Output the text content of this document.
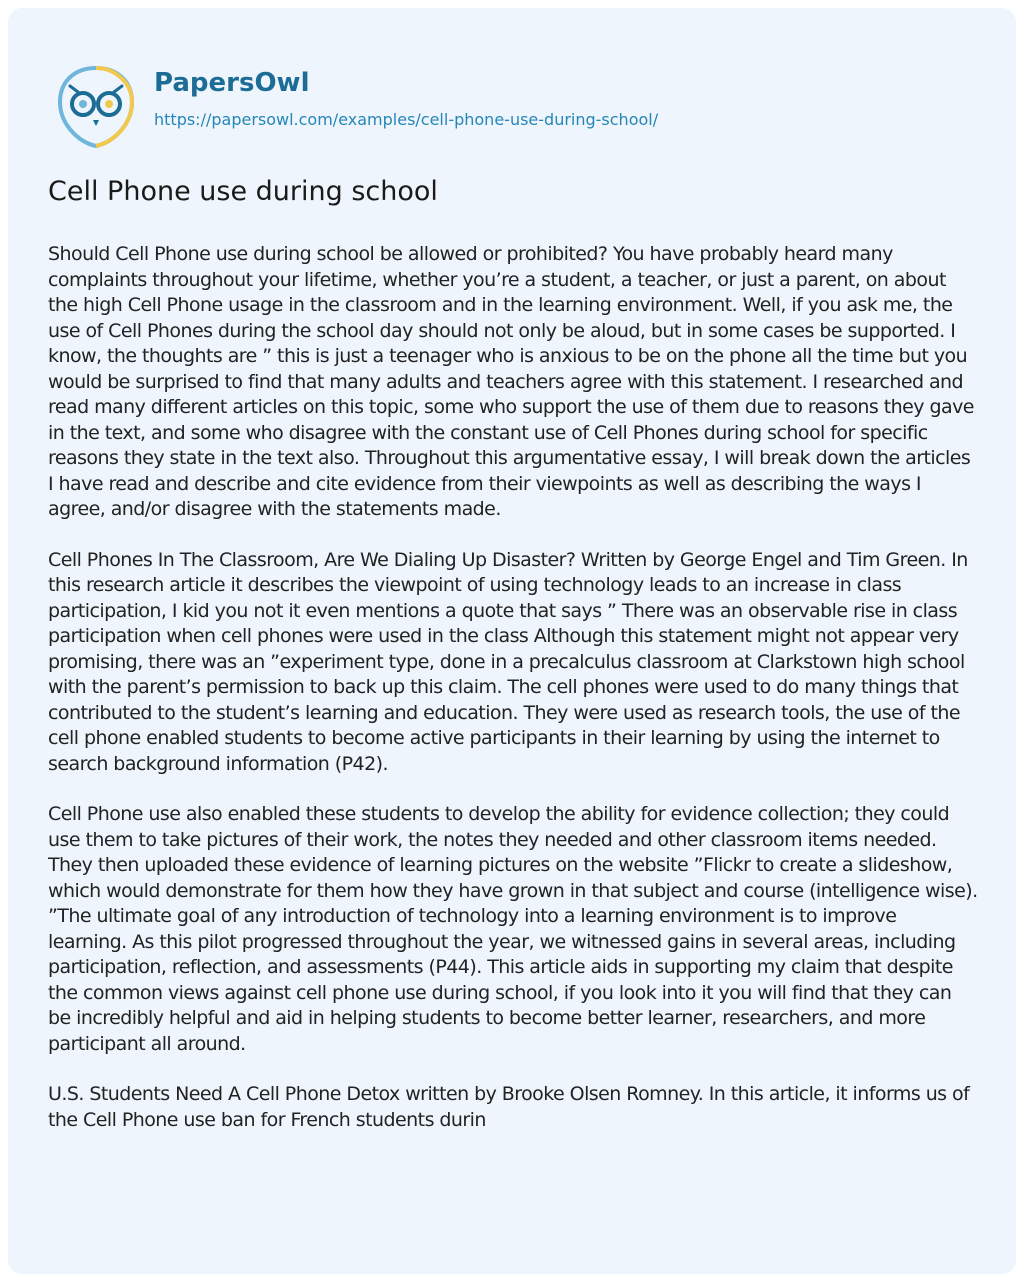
PapersOwl
https://papersowl.com/examples/cell-phone-use-during-school/
Cell Phone use during school

Should Cell Phone use during school be allowed or prohibited? You have probably heard many complaints throughout your lifetime, whether you’re a student, a teacher, or just a parent, on about the high Cell Phone usage in the classroom and in the learning environment. Well, if you ask me, the use of Cell Phones during the school day should not only be aloud, but in some cases be supported. I know, the thoughts are ” this is just a teenager who is anxious to be on the phone all the time but you would be surprised to find that many adults and teachers agree with this statement. I researched and read many different articles on this topic, some who support the use of them due to reasons they gave in the text, and some who disagree with the constant use of Cell Phones during school for specific reasons they state in the text also. Throughout this argumentative essay, I will break down the articles I have read and describe and cite evidence from their viewpoints as well as describing the ways I agree, and/or disagree with the statements made.

Cell Phones In The Classroom, Are We Dialing Up Disaster? Written by George Engel and Tim Green. In this research article it describes the viewpoint of using technology leads to an increase in class participation, I kid you not it even mentions a quote that says ” There was an observable rise in class participation when cell phones were used in the class Although this statement might not appear very promising, there was an ”experiment type, done in a precalculus classroom at Clarkstown high school with the parent’s permission to back up this claim. The cell phones were used to do many things that contributed to the student’s learning and education. They were used as research tools, the use of the cell phone enabled students to become active participants in their learning by using the internet to search background information (P42).

Cell Phone use also enabled these students to develop the ability for evidence collection; they could use them to take pictures of their work, the notes they needed and other classroom items needed. They then uploaded these evidence of learning pictures on the website ”Flickr to create a slideshow, which would demonstrate for them how they have grown in that subject and course (intelligence wise). ”The ultimate goal of any introduction of technology into a learning environment is to improve learning. As this pilot progressed throughout the year, we witnessed gains in several areas, including participation, reflection, and assessments (P44). This article aids in supporting my claim that despite the common views against cell phone use during school, if you look into it you will find that they can be incredibly helpful and aid in helping students to become better learner, researchers, and more participant all around.

U.S. Students Need A Cell Phone Detox written by Brooke Olsen Romney. In this article, it informs us of the Cell Phone use ban for French students durin
